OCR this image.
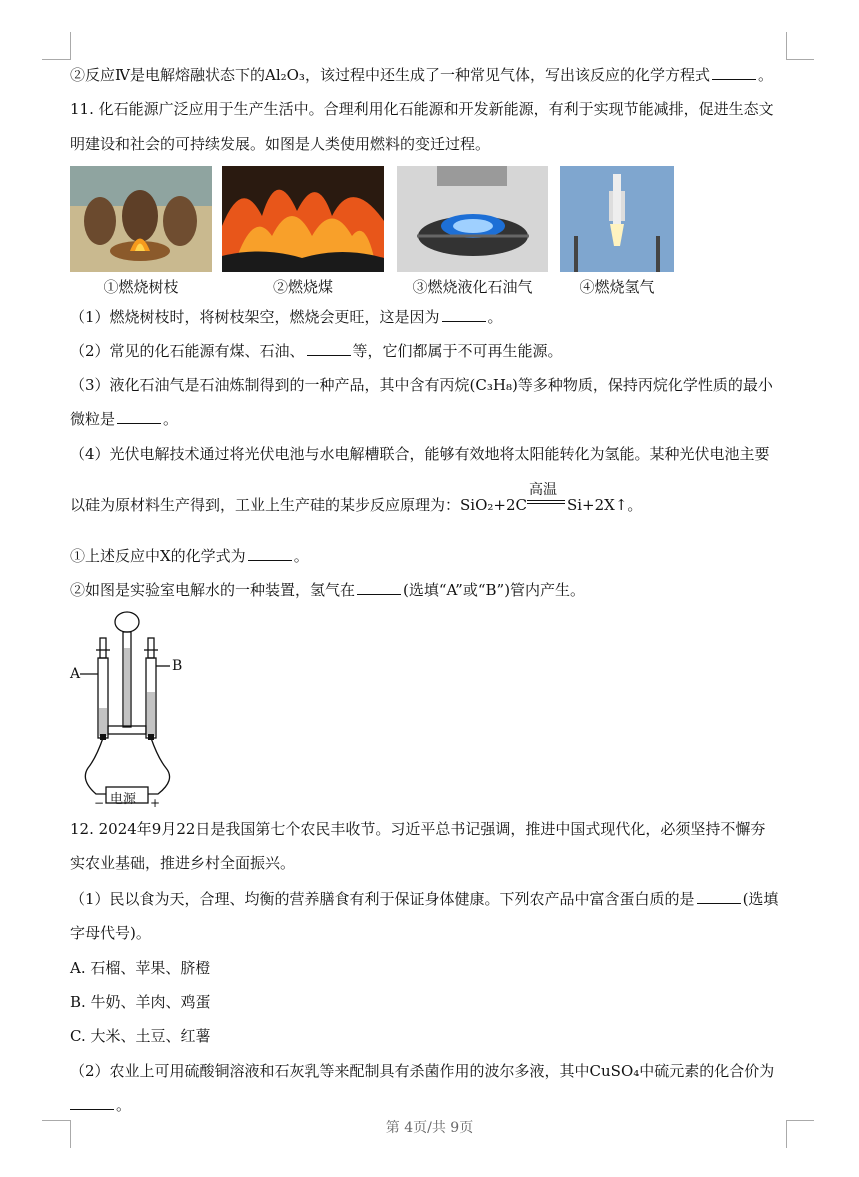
②反应Ⅳ是电解熔融状态下的Al₂O₃，该过程中还生成了一种常见气体，写出该反应的化学方程式	。
11. 化石能源广泛应用于生产生活中。合理利用化石能源和开发新能源，有利于实现节能减排，促进生态文
明建设和社会的可持续发展。如图是人类使用燃料的变迁过程。
①燃烧树枝	②燃烧煤	③燃烧液化石油气	④燃烧氢气
（1）燃烧树枝时，将树枝架空，燃烧会更旺，这是因为	。
（2）常见的化石能源有煤、石油、	等，它们都属于不可再生能源。
（3）液化石油气是石油炼制得到的一种产品，其中含有丙烷(C₃H₈)等多种物质，保持丙烷化学性质的最小
微粒是	。
（4）光伏电解技术通过将光伏电池与水电解槽联合，能够有效地将太阳能转化为氢能。某种光伏电池主要
以硅为原材料生产得到，工业上生产硅的某步反应原理为：SiO₂+2C
高温
Si+2X↑。
①上述反应中X的化学式为	。
②如图是实验室电解水的一种装置，氢气在	(选填“A”或“B”)管内产生。
A	B
电源
−	+
12. 2024年9月22日是我国第七个农民丰收节。习近平总书记强调，推进中国式现代化，必须坚持不懈夯
实农业基础，推进乡村全面振兴。
（1）民以食为天，合理、均衡的营养膳食有利于保证身体健康。下列农产品中富含蛋白质的是	(选填
字母代号)。
A. 石榴、苹果、脐橙
B. 牛奶、羊肉、鸡蛋
C. 大米、土豆、红薯
（2）农业上可用硫酸铜溶液和石灰乳等来配制具有杀菌作用的波尔多液，其中CuSO₄中硫元素的化合价为
。
第 4页/共 9页
